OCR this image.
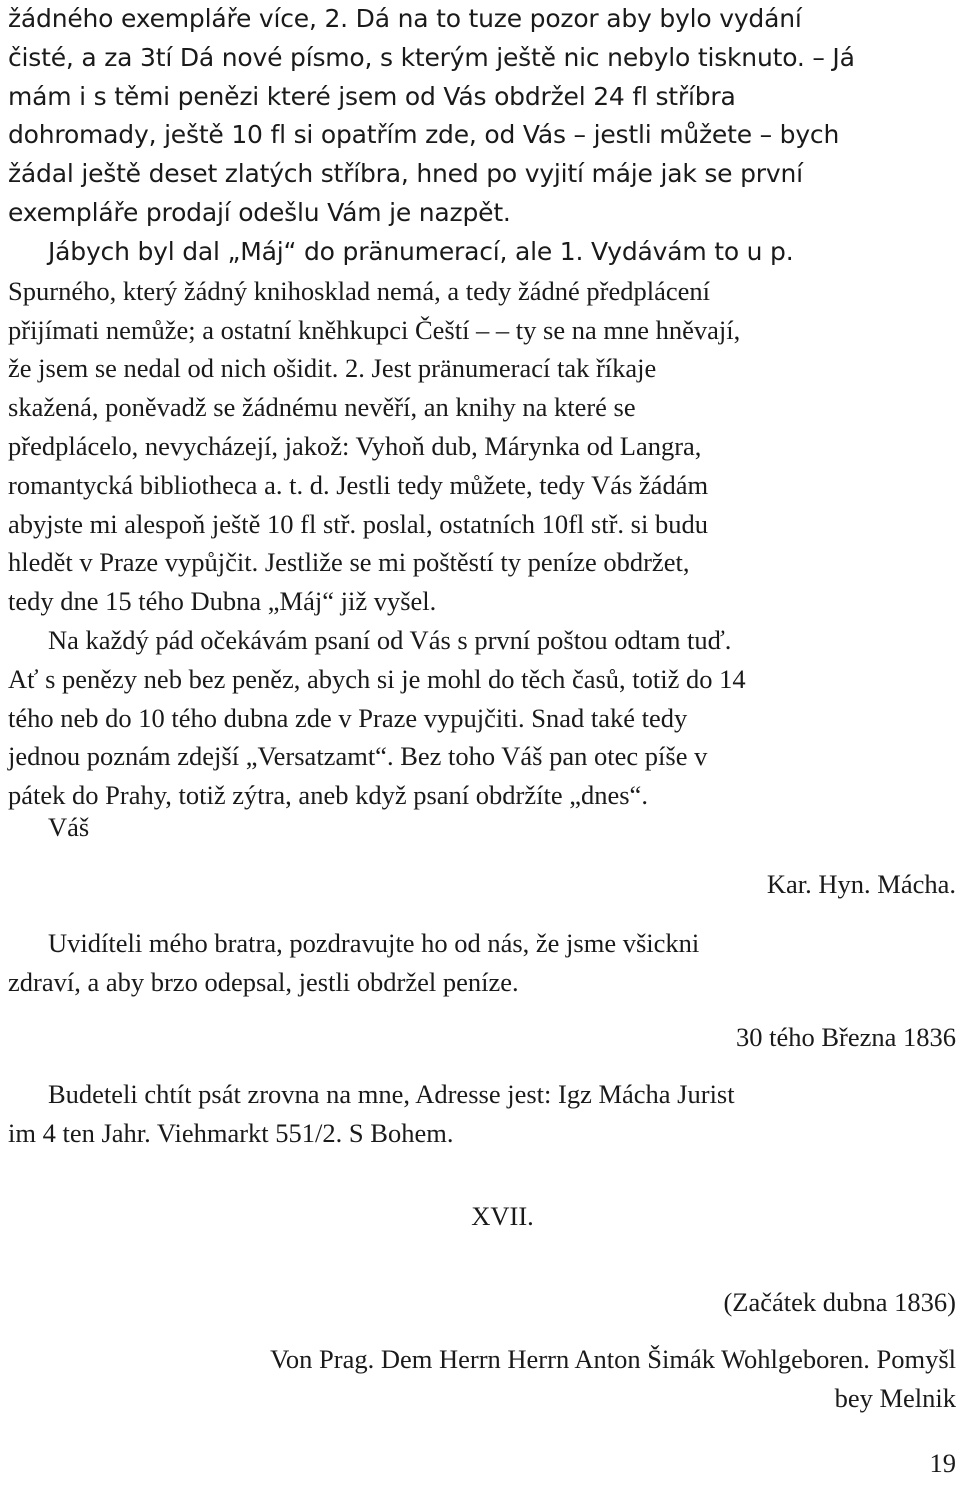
žádného exempláře více, 2. Dá na to tuze pozor aby bylo vydání
čisté, a za 3tí Dá nové písmo, s kterým ještě nic nebylo tisknuto. – Já
mám i s těmi penězi které jsem od Vás obdržel 24 fl stříbra
dohromady, ještě 10 fl si opatřím zde, od Vás – jestli můžete – bych
žádal ještě deset zlatých stříbra, hned po vyjití máje jak se první
exempláře prodají odešlu Vám je nazpět.
Jábych byl dal „Máj“ do pränumerací, ale 1. Vydávám to u p.
Spurného, který žádný knihosklad nemá, a tedy žádné předplácení
přijímati nemůže; a ostatní kněhkupci Čeští – – ty se na mne hněvají,
že jsem se nedal od nich ošidit. 2. Jest pränumerací tak říkaje
skažená, poněvadž se žádnému nevěří, an knihy na které se
předplácelo, nevycházejí, jakož: Vyhoň dub, Márynka od Langra,
romantycká bibliotheca a. t. d. Jestli tedy můžete, tedy Vás žádám
abyjste mi alespoň ještě 10 fl stř. poslal, ostatních 10fl stř. si budu
hledět v Praze vypůjčit. Jestližе se mi poštěstí ty peníze obdržet,
tedy dne 15 tého Dubna „Máj“ již vyšel.
Na každý pád očekávám psaní od Vás s první poštou odtam tuď.
Ať s penězy neb bez peněz, abych si je mohl do těch časů, totiž do 14
tého neb do 10 tého dubna zde v Praze vypujčiti. Snad také tedy
jednou poznám zdejší „Versatzamt“. Bez toho Váš pan otec píše v
pátek do Prahy, totiž zýtra, aneb když psaní obdržíte „dnes“.
Váš
Kar. Hyn. Mácha.
Uvidíteli mého bratra, pozdravujte ho od nás, že jsme všicknі
zdraví, a aby brzo odepsal, jestli obdržel peníze.
30 tého Března 1836
Budeteli chtít psát zrovna na mne, Adresse jest: Igz Mácha Jurist
im 4 ten Jahr. Viehmarkt 551/2. S Bohem.
XVII.
(Začátek dubna 1836)
Von Prag. Dem Herrn Herrn Anton Šimák Wohlgeboren. Pomyšl
bey Melnik
19
